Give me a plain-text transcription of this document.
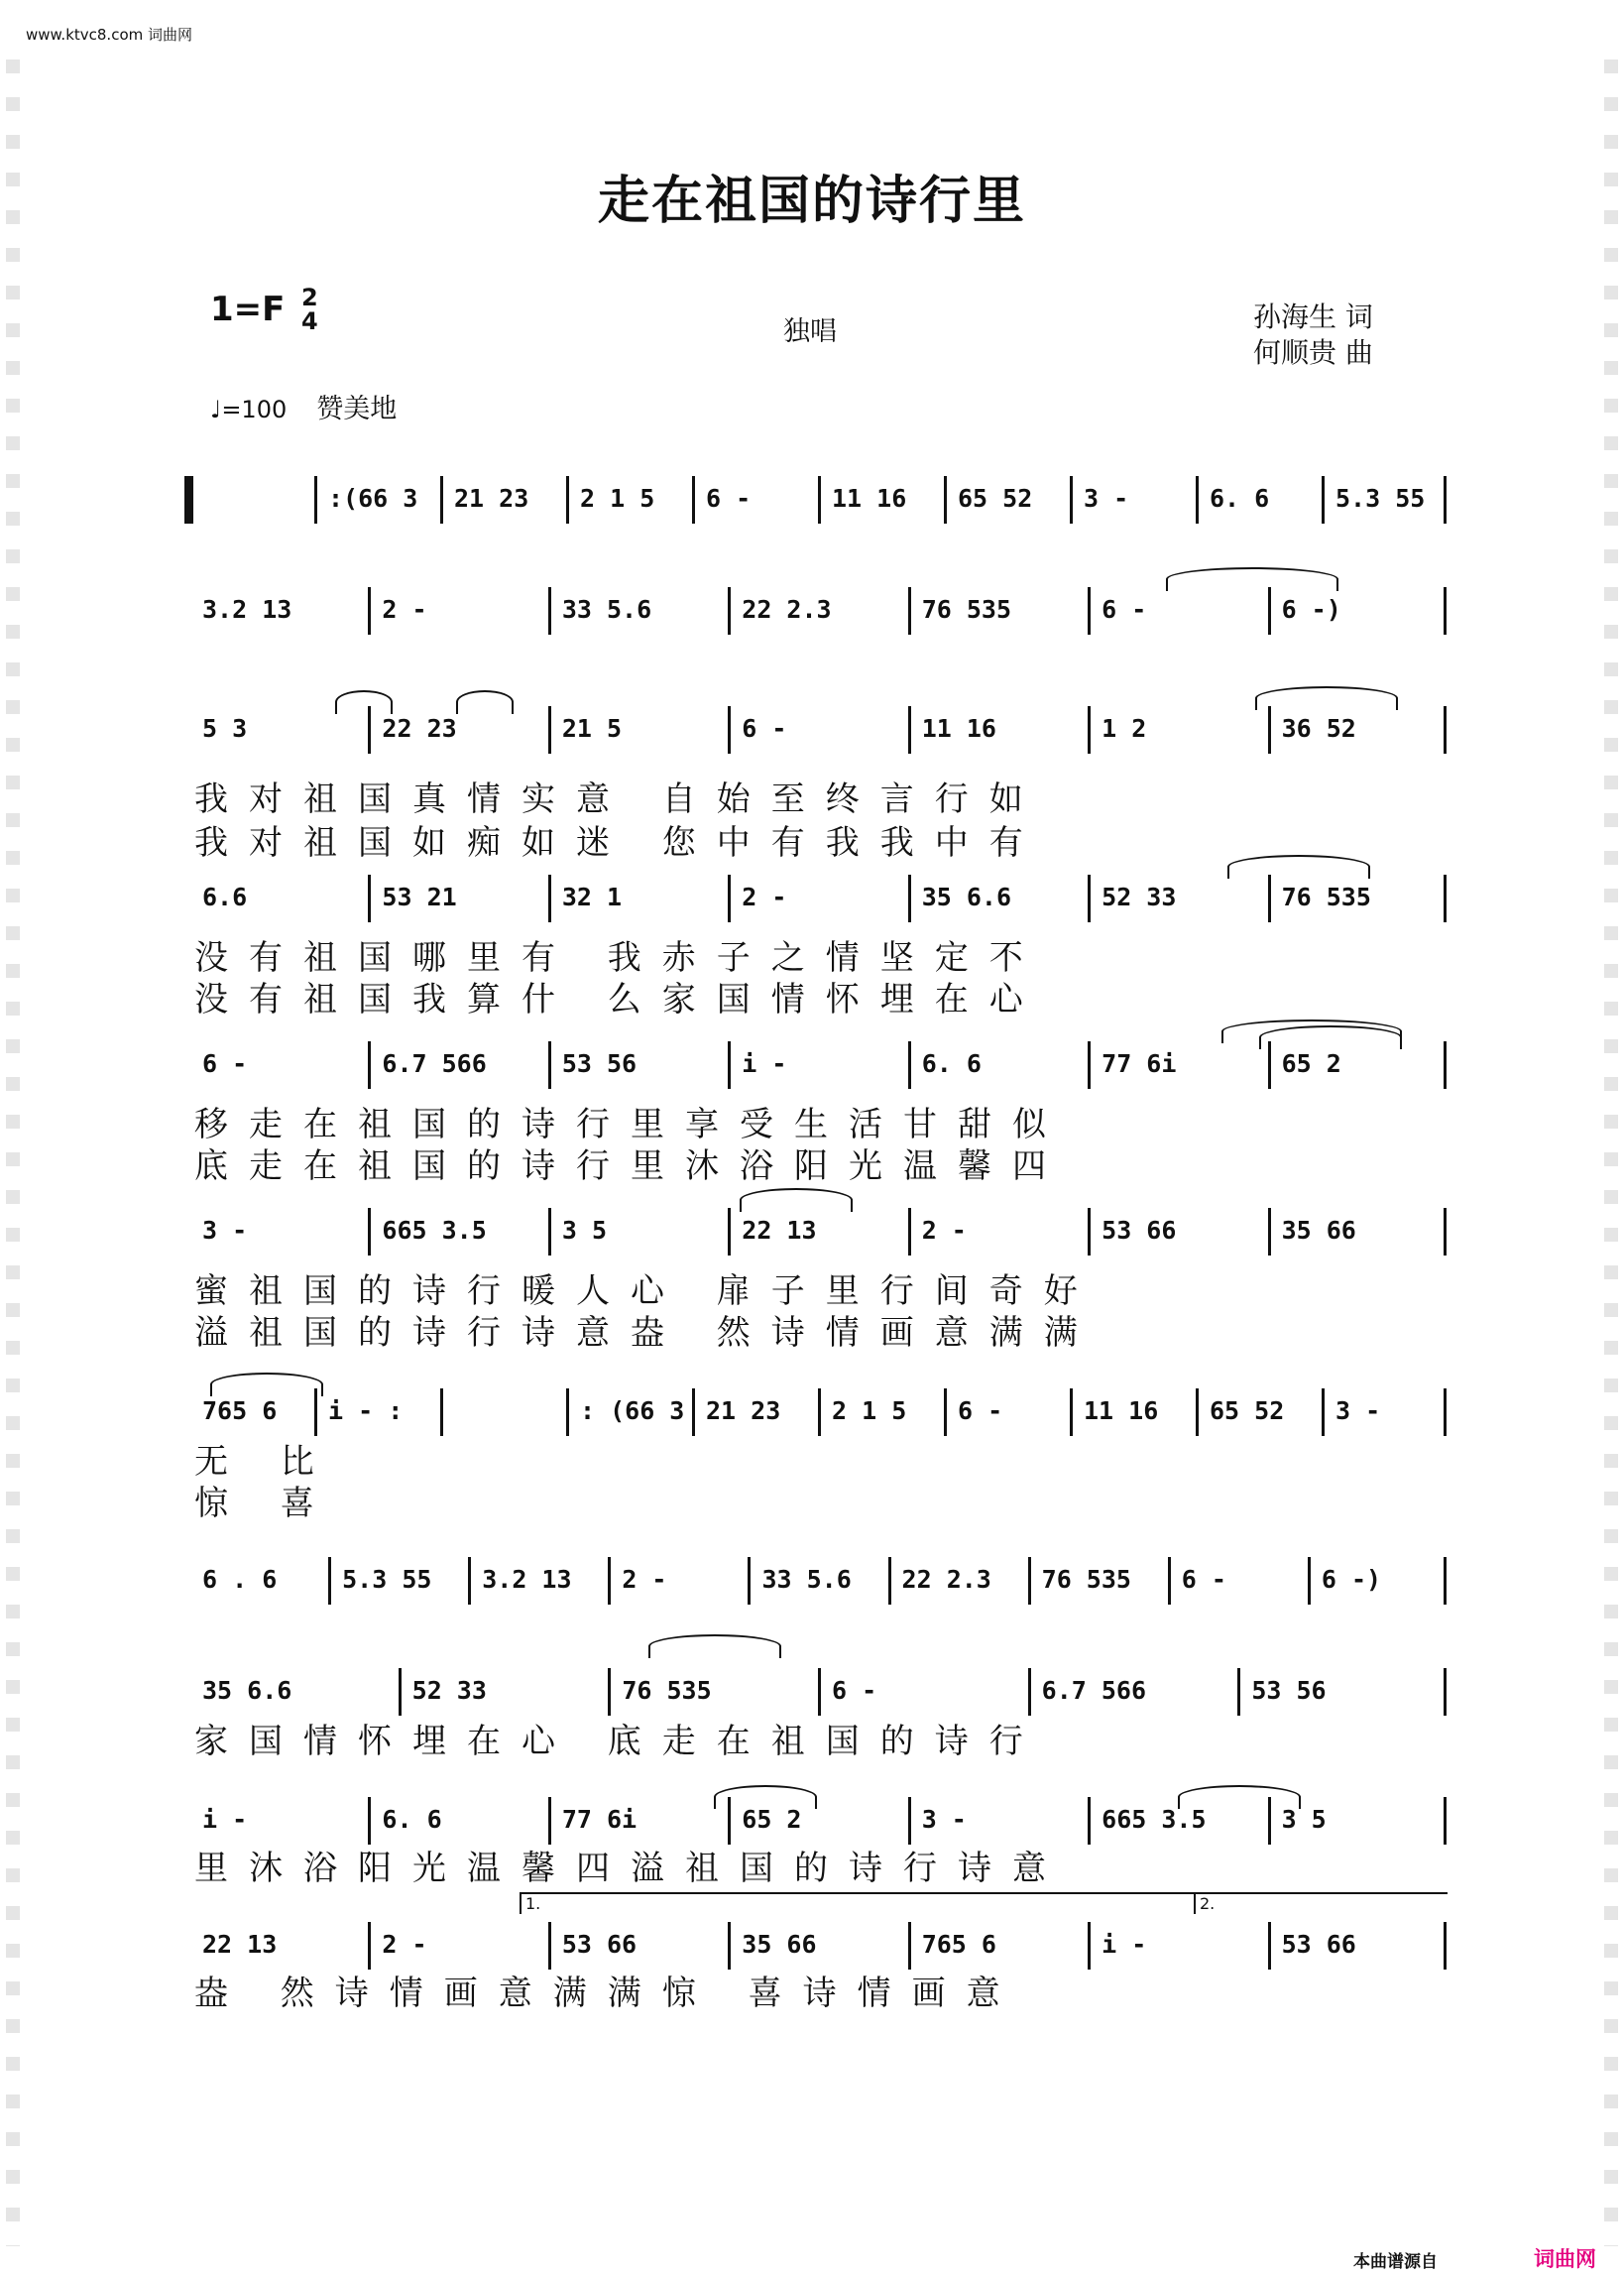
www.ktvc8.com 词曲网
走在祖国的诗行里
1=F 2
4	独唱	孙海生 词
何顺贵 曲
♩=100 赞美地
:(66 3 21 23 2 1 5 6 -	11 16 65 52 3 -	6. 6	5.3 55
3.2 13	2 -	33 5.6	22 2.3	76 535	6 -	6 -)
5 3	22 23	21 5	6 -	11 16	1 2	36 52
我对祖国真情实意 自始至终言行如
我对祖国如痴如迷 您中有我我中有
6.6	53 21	32 1	2 -	35 6.6	52 33	76 535
没有祖国哪里有 我赤子之情坚定不
没有祖国我算什 么家国情怀埋在心
6 -	6.7 566	53 56	i -	6. 6	77 6i	65 2
移走在祖国的诗行里享受生活甘甜似
底走在祖国的诗行里沐浴阳光温馨四
3 -	665 3.5	3 5	22 13	2 -	53 66	35 66
蜜祖国的诗行暖人心 扉子里行间奇好
溢祖国的诗行诗意盎 然诗情画意满满
765 6 i - :	: (66 3 21 23 2 1 5 6 -	11 16 65 52 3 -
无 比
惊 喜
6 . 6	5.3 55 3.2 13 2 -	33 5.6 22 2.3 76 535 6 -	6 -)
35 6.6	52 33	76 535	6 -	6.7 566	53 56
家国情怀埋在心 底走在祖国的诗行
i -	6. 6	77 6i	65 2	3 -	665 3.5	3 5
里沐浴阳光温馨四溢祖国的诗行诗意
22 13	2 -	53 66	35 66	765 6	i -	53 66
盎 然诗情画意满满惊 喜诗情画意
1.	2.
本曲谱源自	词曲网
